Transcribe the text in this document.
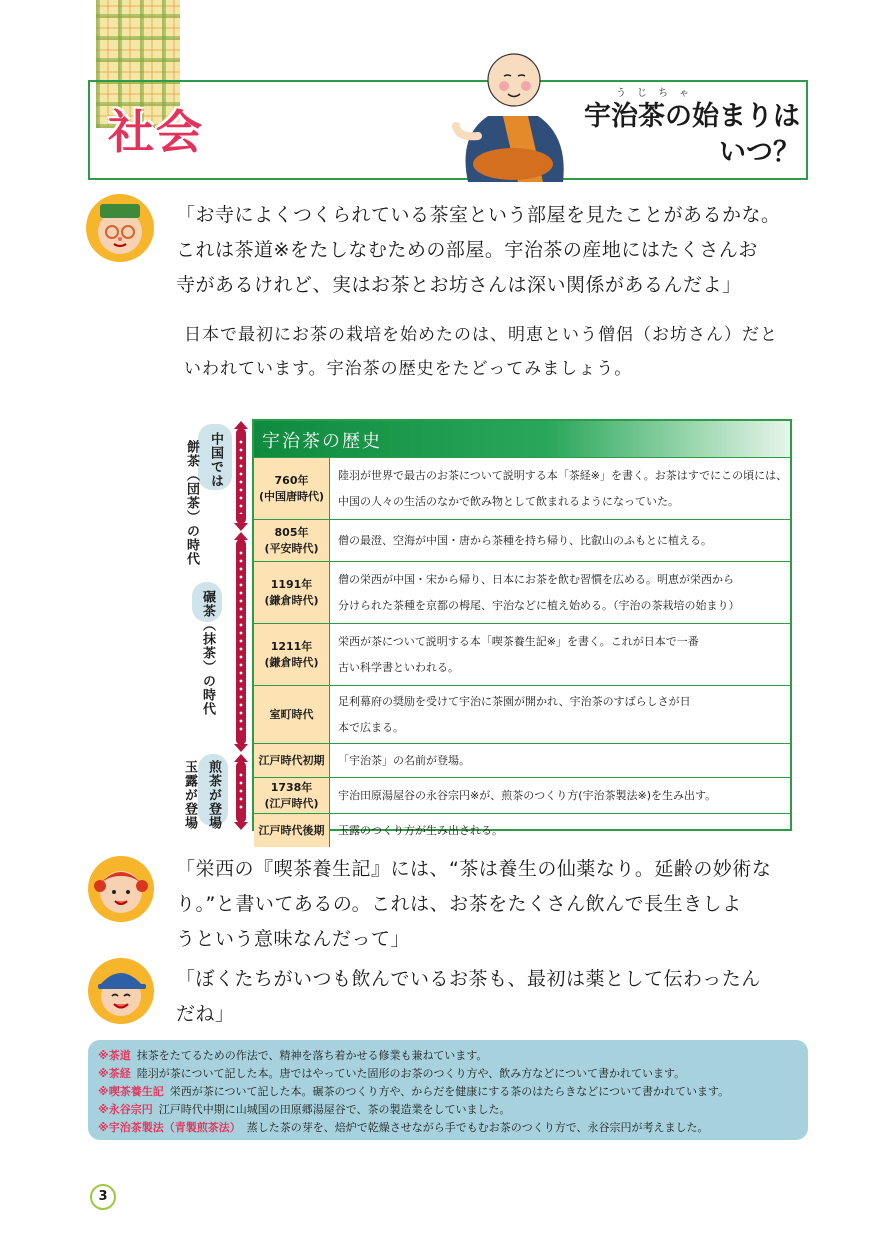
社会
うじちゃ
宇治茶の始まりは
いつ？

「お寺によくつくられている茶室という部屋を見たことがあるかな。

これは茶道※をたしなむための部屋。宇治茶の産地にはたくさんお

寺があるけれど、実はお茶とお坊さんは深い関係があるんだよ」

日本で最初にお茶の栽培を始めたのは、明恵という僧侶（お坊さん）だと

いわれています。宇治茶の歴史をたどってみましょう。

中国では
餅茶（団茶）の時代
碾茶（抹茶）の時代
煎茶が登場
玉露が登場
宇治茶の歴史
760年
(中国唐時代)
陸羽が世界で最古のお茶について説明する本「茶経※」を書く。お茶はすでにこの頃には、
中国の人々の生活のなかで飲み物として飲まれるようになっていた。
805年
(平安時代)
僧の最澄、空海が中国・唐から茶種を持ち帰り、比叡山のふもとに植える。
1191年
(鎌倉時代)
僧の栄西が中国・宋から帰り、日本にお茶を飲む習慣を広める。明恵が栄西から
分けられた茶種を京都の栂尾、宇治などに植え始める。（宇治の茶栽培の始まり）
1211年
(鎌倉時代)
栄西が茶について説明する本「喫茶養生記※」を書く。これが日本で一番
古い科学書といわれる。
室町時代
足利幕府の奨励を受けて宇治に茶園が開かれ、宇治茶のすばらしさが日
本で広まる。
江戸時代初期 「宇治茶」の名前が登場。
1738年
(江戸時代)
宇治田原湯屋谷の永谷宗円※が、煎茶のつくり方(宇治茶製法※)を生み出す。
江戸時代後期 玉露のつくり方が生み出される。

「栄西の『喫茶養生記』には、“茶は養生の仙薬なり。延齢の妙術な

り。”と書いてあるの。これは、お茶をたくさん飲んで長生きしよ

うという意味なんだって」

「ぼくたちがいつも飲んでいるお茶も、最初は薬として伝わったん

だね」

※茶道 抹茶をたてるための作法で、精神を落ち着かせる修業も兼ねています。

※茶経 陸羽が茶について記した本。唐ではやっていた固形のお茶のつくり方や、飲み方などについて書かれています。

※喫茶養生記 栄西が茶について記した本。碾茶のつくり方や、からだを健康にする茶のはたらきなどについて書かれています。

※永谷宗円 江戸時代中期に山城国の田原郷湯屋谷で、茶の製造業をしていました。

※宇治茶製法（青製煎茶法） 蒸した茶の芽を、焙炉で乾燥させながら手でもむお茶のつくり方で、永谷宗円が考えました。

3
